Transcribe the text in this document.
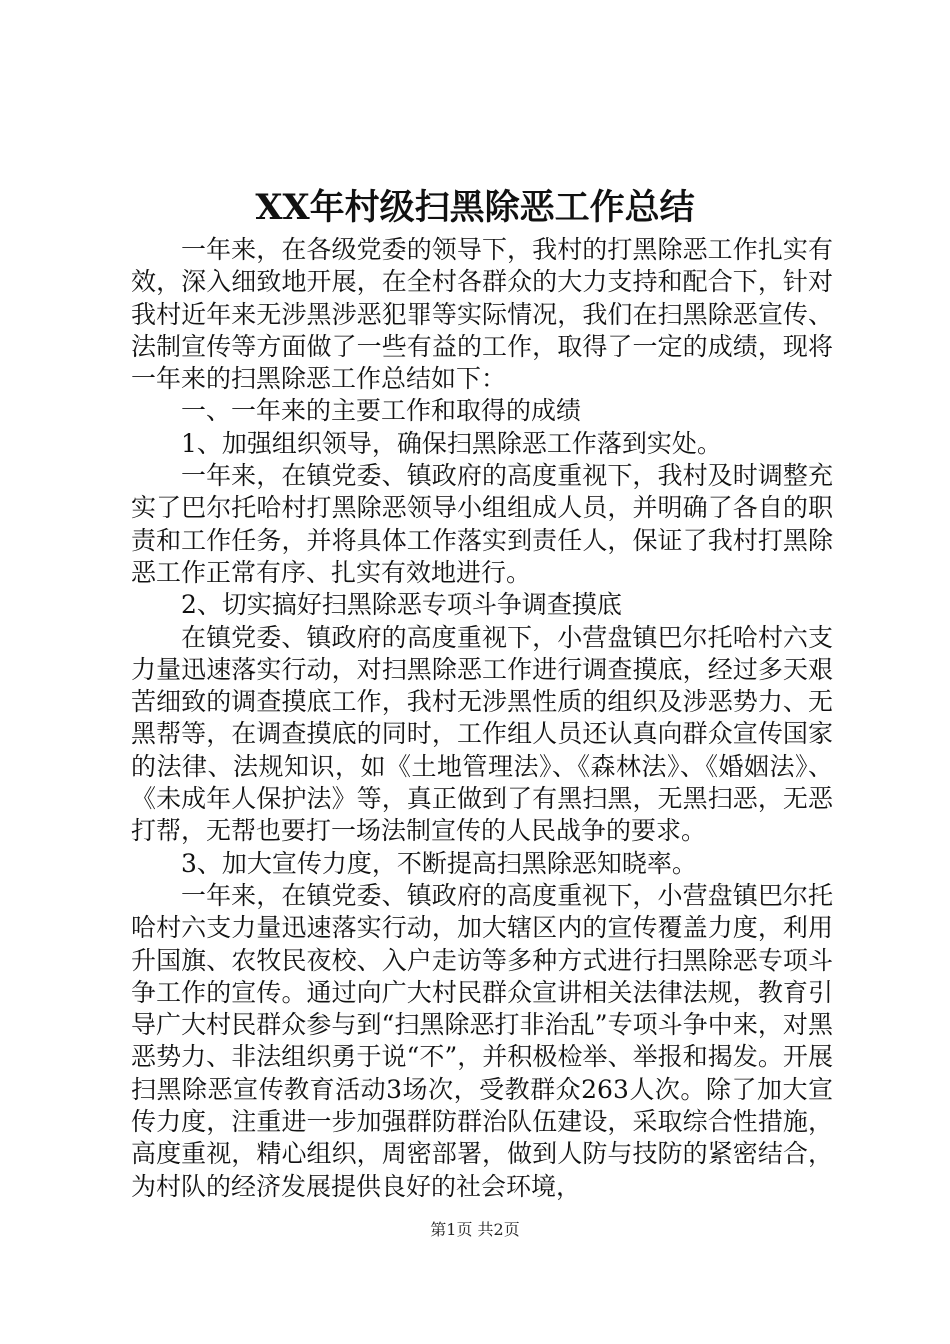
XX年村级扫黑除恶工作总结

一年来，在各级党委的领导下，我村的打黑除恶工作扎实有效，深入细致地开展，在全村各群众的大力支持和配合下，针对我村近年来无涉黑涉恶犯罪等实际情况，我们在扫黑除恶宣传、法制宣传等方面做了一些有益的工作，取得了一定的成绩，现将一年来的扫黑除恶工作总结如下：

一、一年来的主要工作和取得的成绩

1、加强组织领导，确保扫黑除恶工作落到实处。

一年来，在镇党委、镇政府的高度重视下，我村及时调整充实了巴尔托哈村打黑除恶领导小组组成人员，并明确了各自的职责和工作任务，并将具体工作落实到责任人，保证了我村打黑除恶工作正常有序、扎实有效地进行。

2、切实搞好扫黑除恶专项斗争调查摸底

在镇党委、镇政府的高度重视下，小营盘镇巴尔托哈村六支力量迅速落实行动，对扫黑除恶工作进行调查摸底，经过多天艰苦细致的调查摸底工作，我村无涉黑性质的组织及涉恶势力、无黑帮等，在调查摸底的同时，工作组人员还认真向群众宣传国家的法律、法规知识，如《土地管理法》、《森林法》、《婚姻法》、《未成年人保护法》等，真正做到了有黑扫黑，无黑扫恶，无恶打帮，无帮也要打一场法制宣传的人民战争的要求。

3、加大宣传力度，不断提高扫黑除恶知晓率。

一年来，在镇党委、镇政府的高度重视下，小营盘镇巴尔托哈村六支力量迅速落实行动，加大辖区内的宣传覆盖力度，利用升国旗、农牧民夜校、入户走访等多种方式进行扫黑除恶专项斗争工作的宣传。通过向广大村民群众宣讲相关法律法规，教育引导广大村民群众参与到“扫黑除恶打非治乱”专项斗争中来，对黑恶势力、非法组织勇于说“不”，并积极检举、举报和揭发。开展扫黑除恶宣传教育活动3场次，受教群众263人次。除了加大宣传力度，注重进一步加强群防群治队伍建设，采取综合性措施，高度重视，精心组织，周密部署，做到人防与技防的紧密结合，为村队的经济发展提供良好的社会环境，

第1页 共2页
